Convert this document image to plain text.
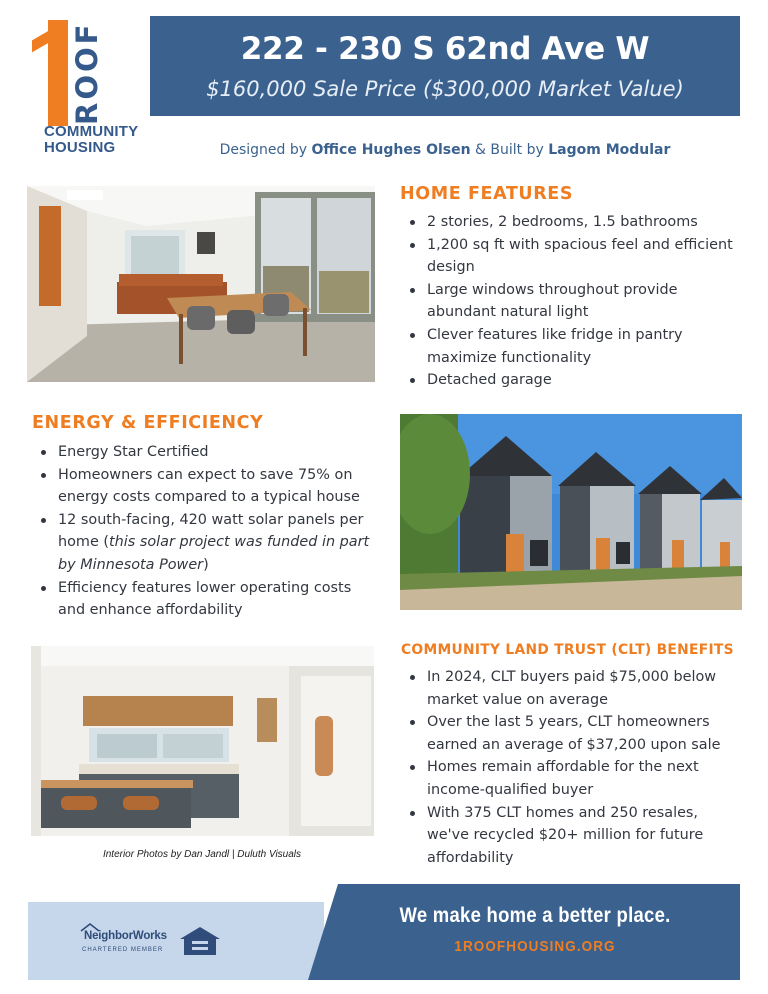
ROOF
COMMUNITY
HOUSING
222 - 230 S 62nd Ave W
$160,000 Sale Price ($300,000 Market Value)
Designed by Office Hughes Olsen & Built by Lagom Modular
HOME FEATURES
2 stories, 2 bedrooms, 1.5 bathrooms
1,200 sq ft with spacious feel and efficient design
Large windows throughout provide abundant natural light
Clever features like fridge in pantry maximize functionality
Detached garage
ENERGY & EFFICIENCY
Energy Star Certified
Homeowners can expect to save 75% on energy costs compared to a typical house
12 south-facing, 420 watt solar panels per home (this solar project was funded in part by Minnesota Power)
Efficiency features lower operating costs and enhance affordability
COMMUNITY LAND TRUST (CLT) BENEFITS
In 2024, CLT buyers paid $75,000 below market value on average
Over the last 5 years, CLT homeowners earned an average of $37,200 upon sale
Homes remain affordable for the next income-qualified buyer
With 375 CLT homes and 250 resales, we've recycled $20+ million for future affordability
Interior Photos by Dan Jandl | Duluth Visuals
NeighborWorks
CHARTERED MEMBER
We make home a better place.
1ROOFHOUSING.ORG
